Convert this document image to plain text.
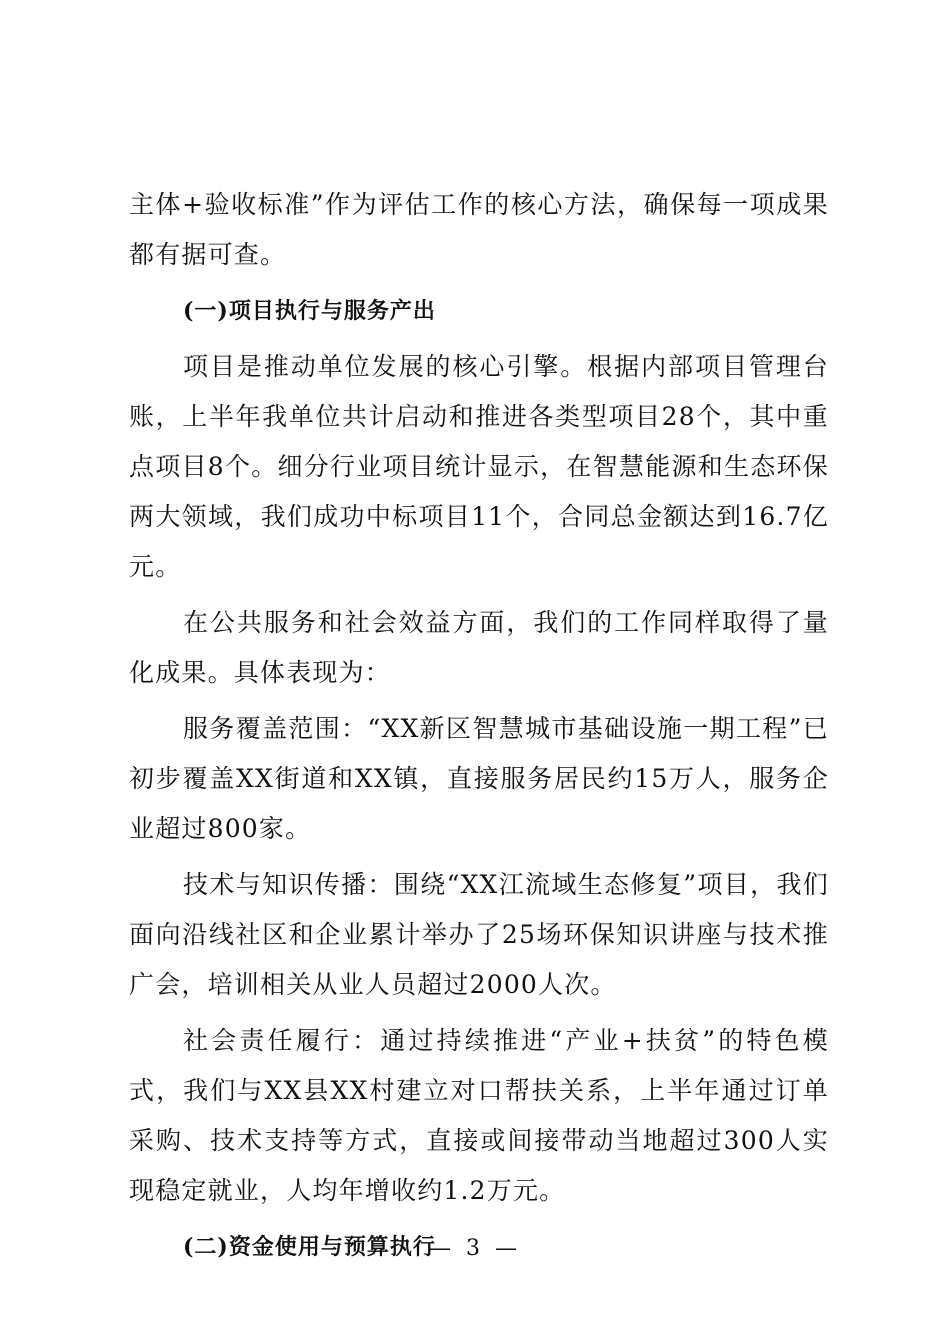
主体+验收标准”作为评估工作的核心方法，确保每一项成果都有据可查。

(一)项目执行与服务产出

项目是推动单位发展的核心引擎。根据内部项目管理台账，上半年我单位共计启动和推进各类型项目28个，其中重点项目8个。细分行业项目统计显示，在智慧能源和生态环保两大领域，我们成功中标项目11个，合同总金额达到16.7亿元。

在公共服务和社会效益方面，我们的工作同样取得了量化成果。具体表现为：

服务覆盖范围：“XX新区智慧城市基础设施一期工程”已初步覆盖XX街道和XX镇，直接服务居民约15万人，服务企业超过800家。

技术与知识传播：围绕“XX江流域生态修复”项目，我们面向沿线社区和企业累计举办了25场环保知识讲座与技术推广会，培训相关从业人员超过2000人次。

社会责任履行：通过持续推进“产业+扶贫”的特色模式，我们与XX县XX村建立对口帮扶关系，上半年通过订单采购、技术支持等方式，直接或间接带动当地超过300人实现稳定就业，人均年增收约1.2万元。

(二)资金使用与预算执行

— 3 —
